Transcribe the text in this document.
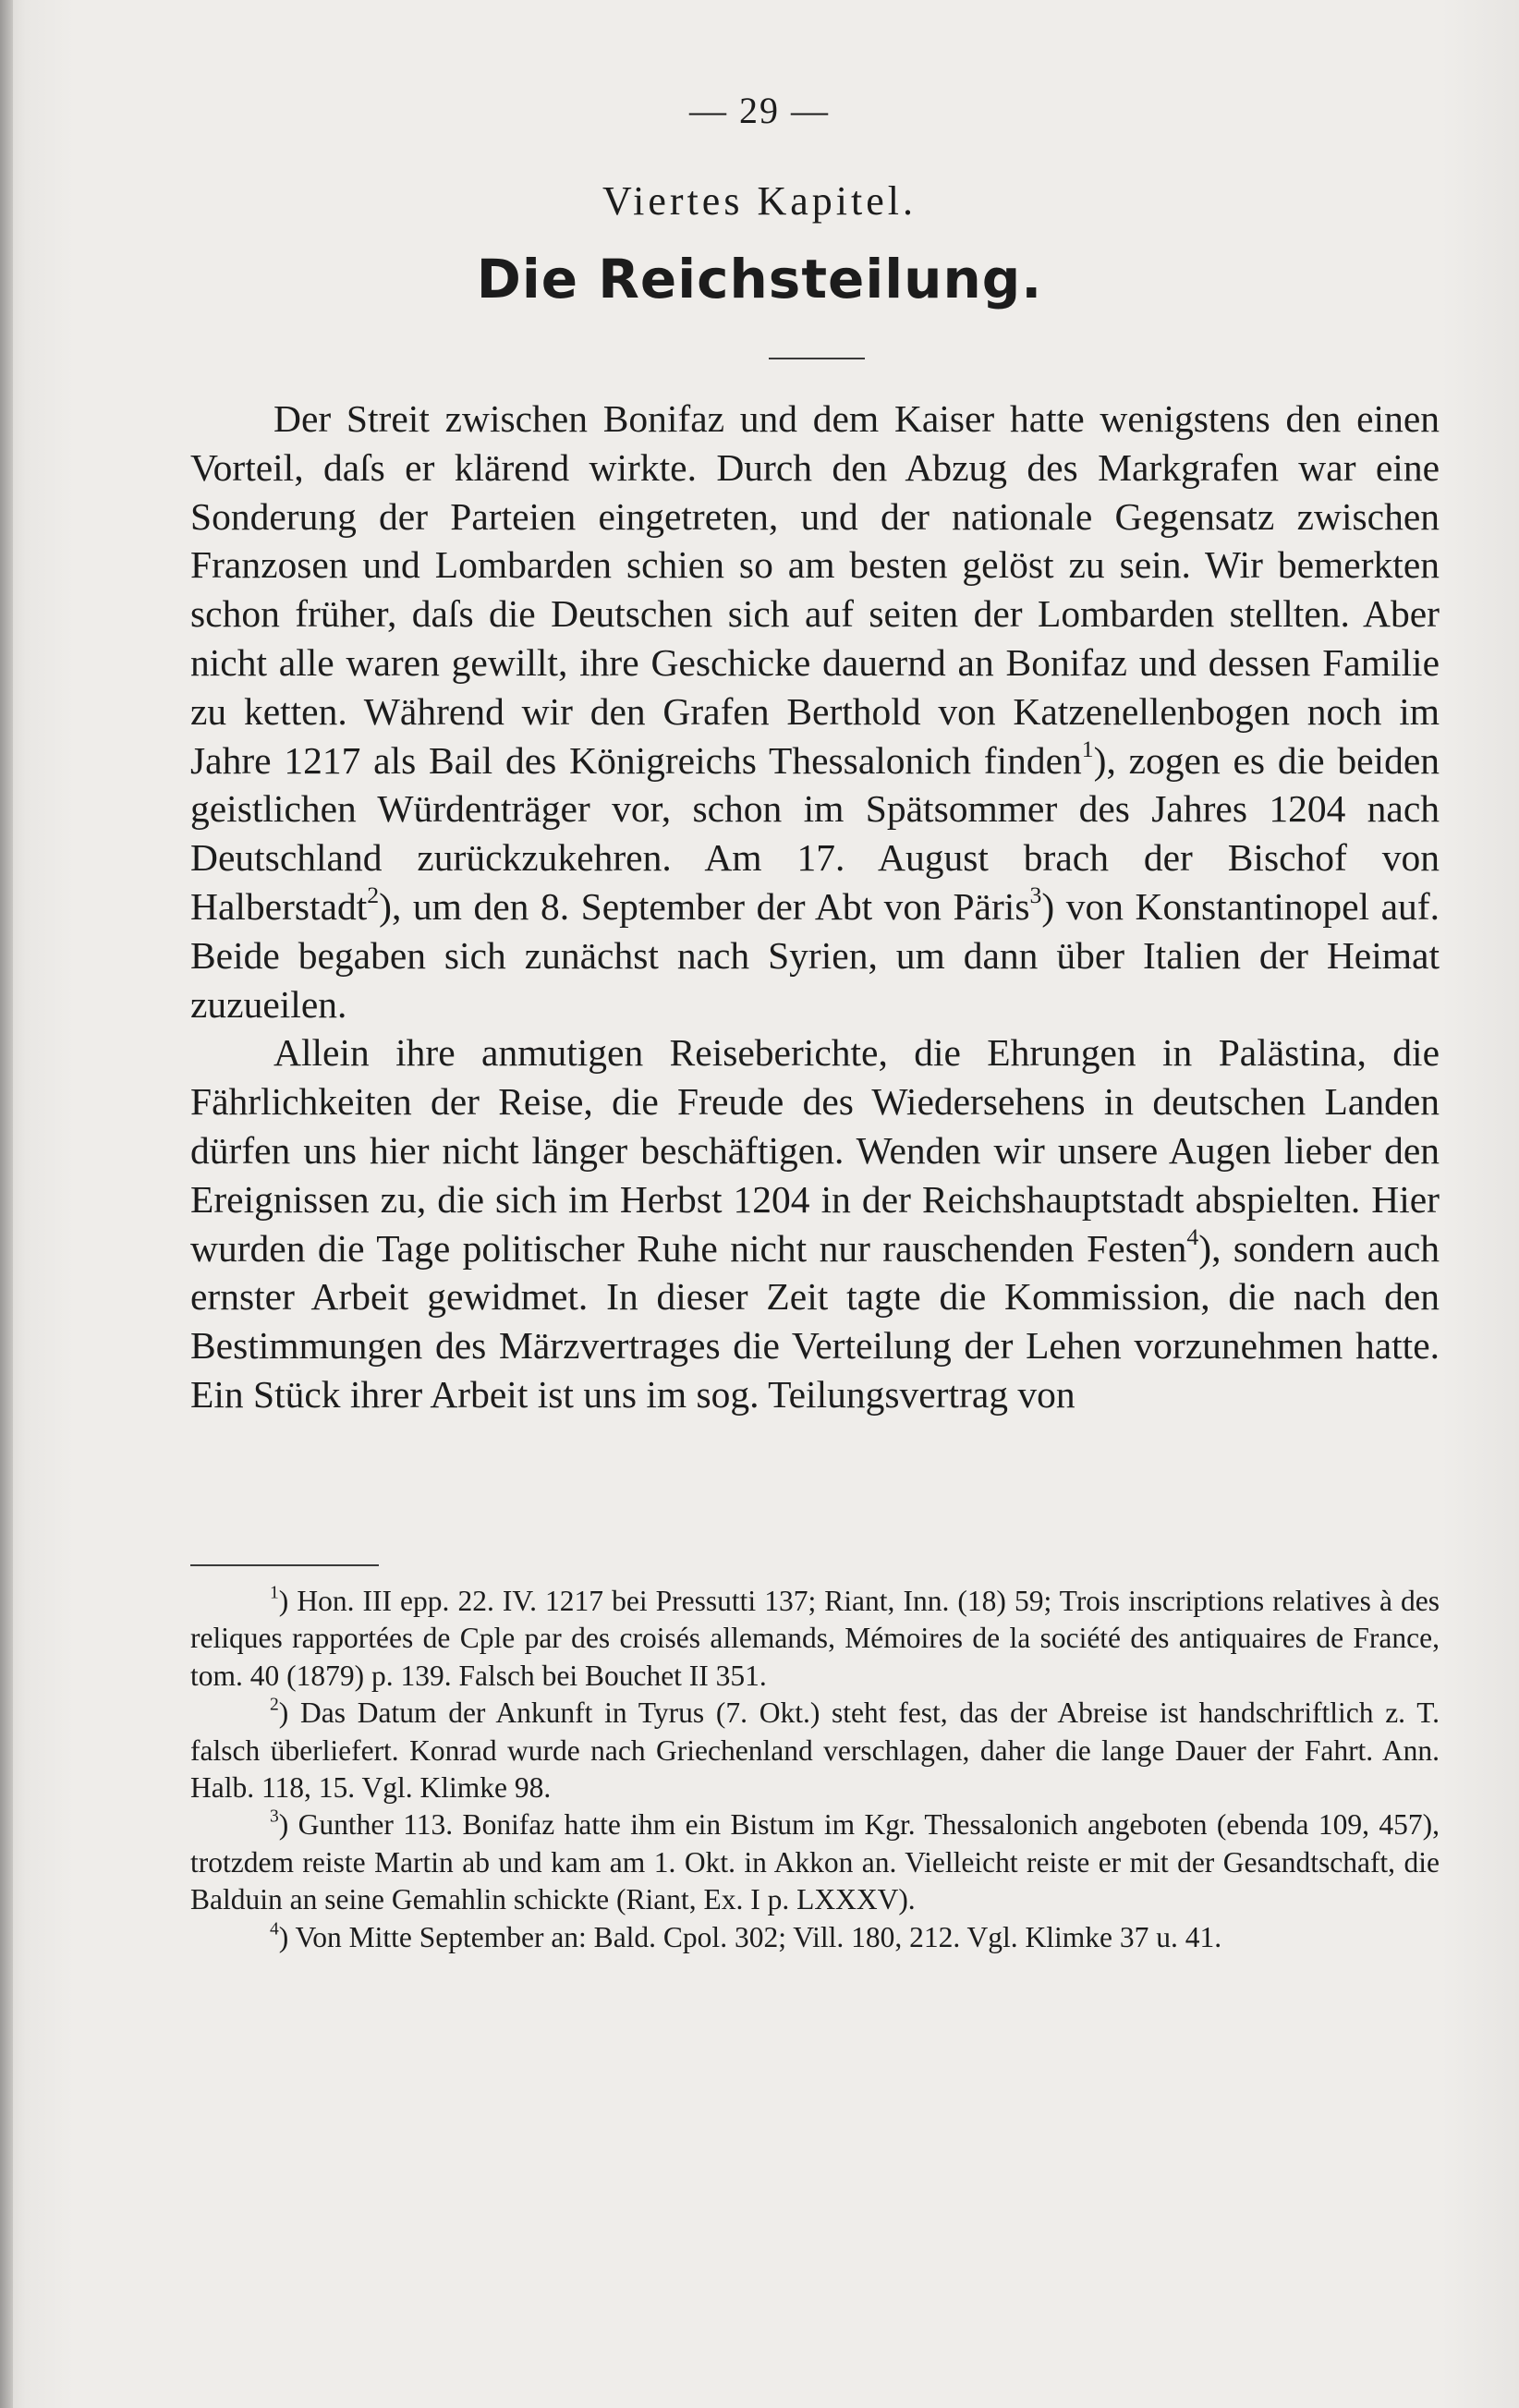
— 29 —
Viertes Kapitel.
Die Reichsteilung.

Der Streit zwischen Bonifaz und dem Kaiser hatte wenigstens den einen Vorteil, daſs er klärend wirkte. Durch den Abzug des Markgrafen war eine Sonderung der Parteien eingetreten, und der nationale Gegensatz zwischen Franzosen und Lombarden schien so am besten gelöst zu sein. Wir bemerkten schon früher, daſs die Deutschen sich auf seiten der Lombarden stellten. Aber nicht alle waren gewillt, ihre Geschicke dauernd an Bonifaz und dessen Familie zu ketten. Während wir den Grafen Berthold von Katzenellenbogen noch im Jahre 1217 als Bail des Königreichs Thessalonich finden$^1$), zogen es die beiden geistlichen Würdenträger vor, schon im Spätsommer des Jahres 1204 nach Deutschland zurückzukehren. Am 17. August brach der Bischof von Halberstadt$^2$), um den 8. September der Abt von Päris$^3$) von Konstantinopel auf. Beide begaben sich zunächst nach Syrien, um dann über Italien der Heimat zuzueilen.

Allein ihre anmutigen Reiseberichte, die Ehrungen in Palästina, die Fährlichkeiten der Reise, die Freude des Wiedersehens in deutschen Landen dürfen uns hier nicht länger beschäftigen. Wenden wir unsere Augen lieber den Ereignissen zu, die sich im Herbst 1204 in der Reichshauptstadt abspielten. Hier wurden die Tage politischer Ruhe nicht nur rauschenden Festen$^4$), sondern auch ernster Arbeit gewidmet. In dieser Zeit tagte die Kommission, die nach den Bestimmungen des Märzvertrages die Verteilung der Lehen vorzunehmen hatte. Ein Stück ihrer Arbeit ist uns im sog. Teilungsvertrag von

$^1$) Hon. III epp. 22. IV. 1217 bei Pressutti 137; Riant, Inn. (18) 59; Trois inscriptions relatives à des reliques rapportées de Cple par des croisés allemands, Mémoires de la société des antiquaires de France, tom. 40 (1879) p. 139. Falsch bei Bouchet II 351.

$^2$) Das Datum der Ankunft in Tyrus (7. Okt.) steht fest, das der Abreise ist handschriftlich z. T. falsch überliefert. Konrad wurde nach Griechenland verschlagen, daher die lange Dauer der Fahrt. Ann. Halb. 118, 15. Vgl. Klimke 98.

$^3$) Gunther 113. Bonifaz hatte ihm ein Bistum im Kgr. Thessalonich angeboten (ebenda 109, 457), trotzdem reiste Martin ab und kam am 1. Okt. in Akkon an. Vielleicht reiste er mit der Gesandtschaft, die Balduin an seine Gemahlin schickte (Riant, Ex. I p. LXXXV).

$^4$) Von Mitte September an: Bald. Cpol. 302; Vill. 180, 212. Vgl. Klimke 37 u. 41.
